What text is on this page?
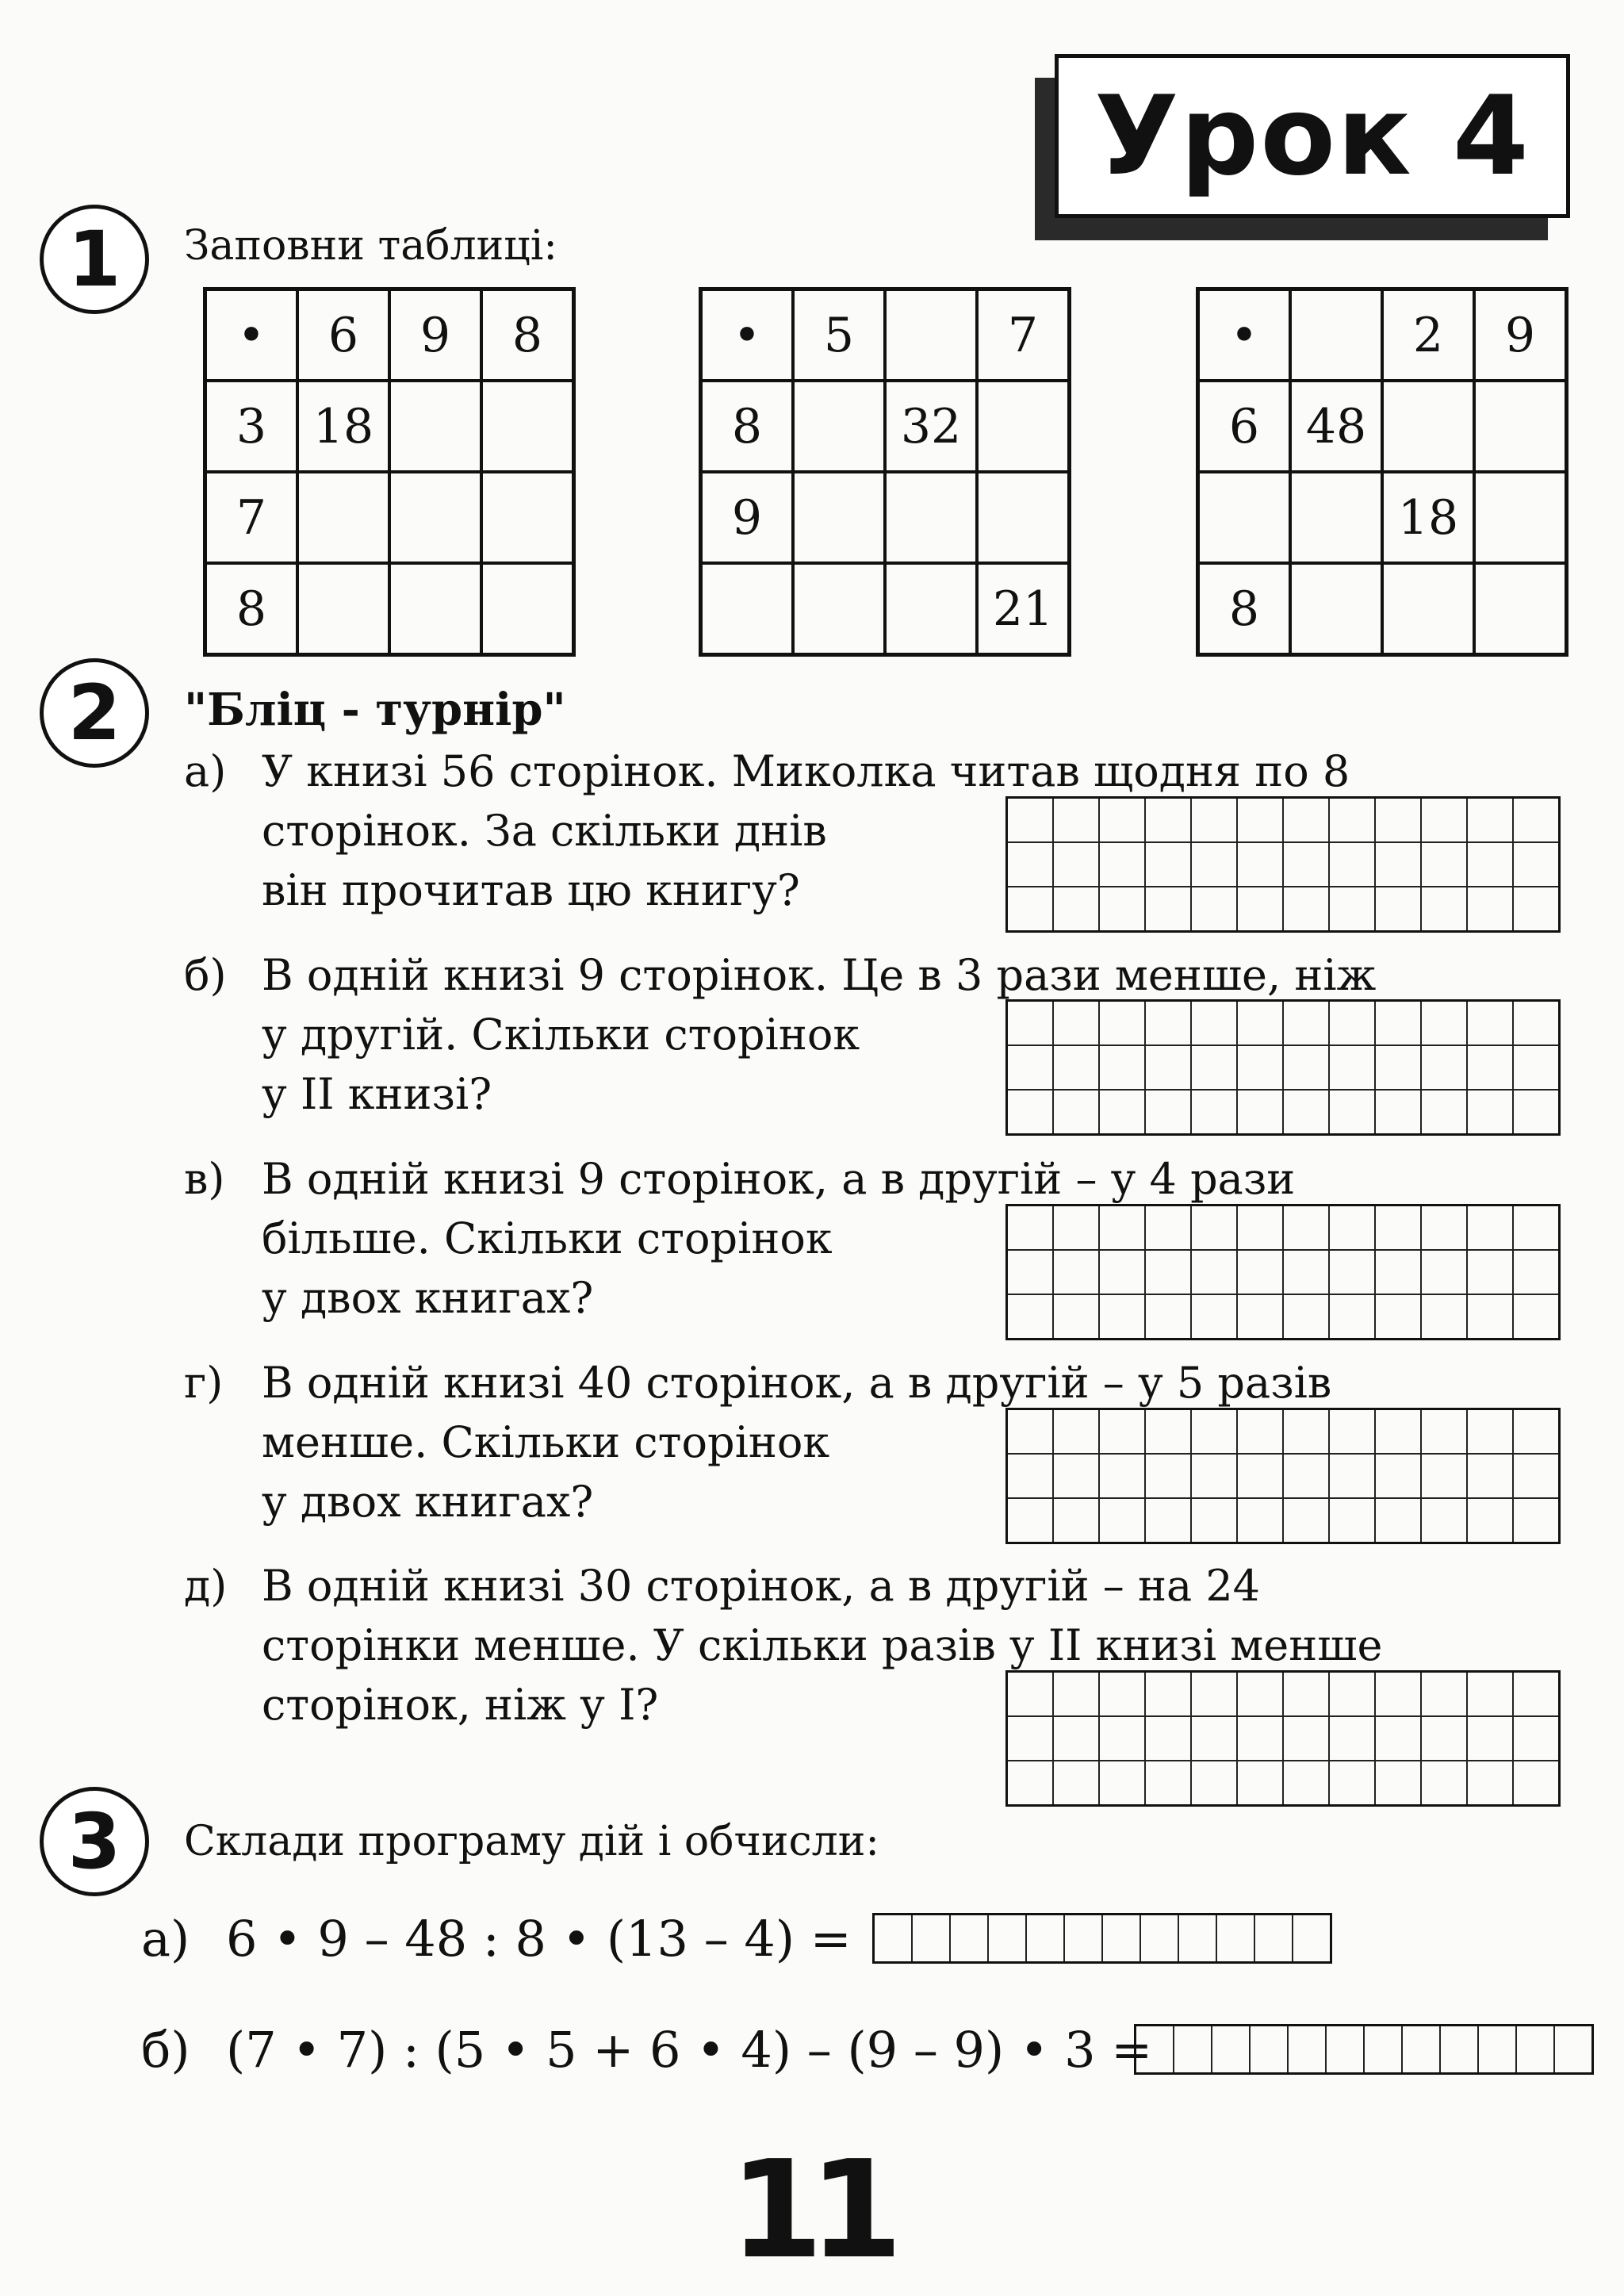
Урок 4
1	Заповни таблиці:
•	6	9	8
3	18		
7			
8			
•	5		7
8		32	
9			
			21
•		2	9
6	48		
		18	
8			
2	"Бліц - турнір"
а) У книзі 56 сторінок. Миколка читав щодня по 8
сторінок. За скільки днів
він прочитав цю книгу?

б) В одній книзі 9 сторінок. Це в 3 рази менше, ніж
у другій. Скільки сторінок
у ІІ книзі?

в) В одній книзі 9 сторінок, а в другій – у 4 рази
більше. Скільки сторінок
у двох книгах?

г) В одній книзі 40 сторінок, а в другій – у 5 разів
менше. Скільки сторінок
у двох книгах?

д) В одній книзі 30 сторінок, а в другій – на 24
сторінки менше. У скільки разів у ІІ книзі менше
сторінок, ніж у І?

3	Склади програму дій і обчисли:
а) 6 • 9 – 48 : 8 • (13 – 4) =

б) (7 • 7) : (5 • 5 + 6 • 4) – (9 – 9) • 3 =

11
